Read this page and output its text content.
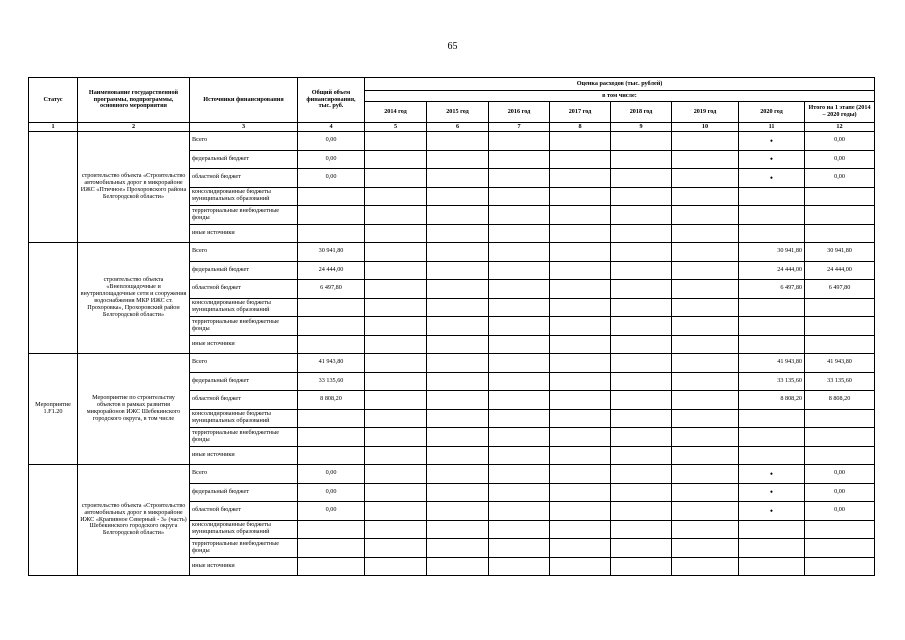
65
Статус	Наименование государственной программы, подпрограммы, основного мероприятия	Источники финансирования	Общий объем финансирования, тыс. руб.	Оценка расходов (тыс. рублей)							
				в том числе:							
				2014 год	2015 год	2016 год	2017 год	2018 год	2019 год	2020 год	Итого на 1 этапе (2014 – 2020 годы)
1	2	3	4	5	6	7	8	9	10	11	12
	строительство объекта «Строительство автомобильных дорог в микрорайоне ИЖС «Птичное» Прохоровского района Белгородской области»	Всего	0,00							•	0,00
		федеральный бюджет	0,00							•	0,00
		областной бюджет	0,00							•	0,00
		консолидированные бюджеты муниципальных образований									
		территориальные внебюджетные фонды									
		иные источники									
	строительство объекта «Внеплощадочные и внутриплощадочные сети и сооружения водоснабжения МКР ИЖС ст. Прохоровка», Прохоровский район Белгородской области»	Всего	30 941,80							30 941,80	30 941,80
		федеральный бюджет	24 444,00							24 444,00	24 444,00
		областной бюджет	6 497,80							6 497,80	6 497,80
		консолидированные бюджеты муниципальных образований									
		территориальные внебюджетные фонды									
		иные источники									
Мероприятие 1.F1.20	Мероприятие по строительству объектов в рамках развития микрорайонов ИЖС Шебекинского городского округа, в том числе	Всего	41 943,80							41 943,80	41 943,80
		федеральный бюджет	33 135,60							33 135,60	33 135,60
		областной бюджет	8 808,20							8 808,20	8 808,20
		консолидированные бюджеты муниципальных образований									
		территориальные внебюджетные фонды									
		иные источники									
	строительство объекта «Строительство автомобильных дорог в микрорайоне ИЖС «Крапивное Северный - 3» (часть) Шебекинского городского округа Белгородской области»	Всего	0,00							•	0,00
		федеральный бюджет	0,00							•	0,00
		областной бюджет	0,00							•	0,00
		консолидированные бюджеты муниципальных образований									
		территориальные внебюджетные фонды									
		иные источники									
